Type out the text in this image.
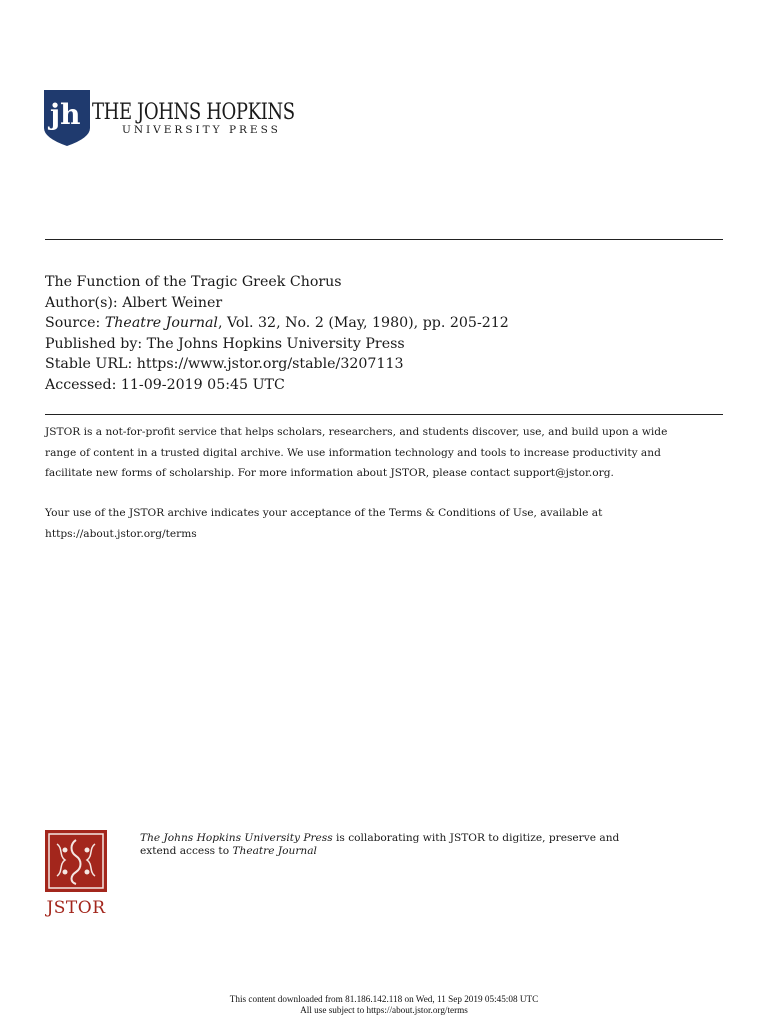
jh THE JOHNS HOPKINS
UNIVERSITY PRESS
The Function of the Tragic Greek Chorus
Author(s): Albert Weiner
Source: Theatre Journal, Vol. 32, No. 2 (May, 1980), pp. 205-212
Published by: The Johns Hopkins University Press
Stable URL: https://www.jstor.org/stable/3207113
Accessed: 11-09-2019 05:45 UTC
JSTOR is a not-for-profit service that helps scholars, researchers, and students discover, use, and build upon a wide
range of content in a trusted digital archive. We use information technology and tools to increase productivity and
facilitate new forms of scholarship. For more information about JSTOR, please contact support@jstor.org.
Your use of the JSTOR archive indicates your acceptance of the Terms & Conditions of Use, available at
https://about.jstor.org/terms
JSTOR
The Johns Hopkins University Press is collaborating with JSTOR to digitize, preserve and
extend access to Theatre Journal
This content downloaded from 81.186.142.118 on Wed, 11 Sep 2019 05:45:08 UTC
All use subject to https://about.jstor.org/terms
